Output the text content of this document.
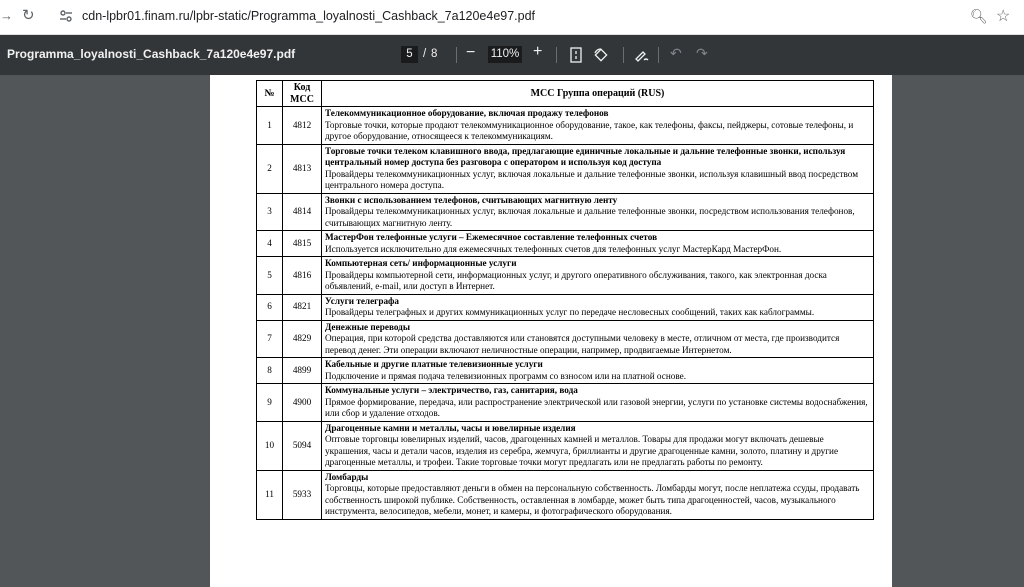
→ ↻	cdn-lpbr01.finam.ru/lpbr-static/Programma_loyalnosti_Cashback_7a120e4e97.pdf	🔍︎ ☆
Programma_loyalnosti_Cashback_7a120e4e97.pdf	5 / 8 − 110% +	↶ ↷
№	Код МСС	МСС Группа операций (RUS)
1	4812	Телекоммуникационное оборудование, включая продажу телефонов
Торговые точки, которые продают телекоммуникационное оборудование, такое, как телефоны, факсы, пейджеры, сотовые телефоны, и другое оборудование, относящееся к телекоммуникациям.

2	4813	Торговые точки телеком клавишного ввода, предлагающие единичные локальные и дальние телефонные звонки, используя центральный номер доступа без разговора с оператором и используя код доступа
Провайдеры телекоммуникационных услуг, включая локальные и дальние телефонные звонки, используя клавишный ввод посредством центрального номера доступа.

3	4814	Звонки с использованием телефонов, считывающих магнитную ленту
Провайдеры телекоммуникационных услуг, включая локальные и дальние телефонные звонки, посредством использования телефонов, считывающих магнитную ленту.

4	4815	МастерФон телефонные услуги – Ежемесячное составление телефонных счетов
Используется исключительно для ежемесячных телефонных счетов для телефонных услуг МастерКард МастерФон.

5	4816	Компьютерная сеть/ информационные услуги
Провайдеры компьютерной сети, информационных услуг, и другого оперативного обслуживания, такого, как электронная доска объявлений, e-mail, или доступ в Интернет.

6	4821	Услуги телеграфа
Провайдеры телеграфных и других коммуникационных услуг по передаче несловесных сообщений, таких как каблограммы.

7	4829	Денежные переводы
Операция, при которой средства доставляются или становятся доступными человеку в месте, отличном от места, где производится перевод денег. Эти операции включают неличностные операции, например, продвигаемые Интернетом.

8	4899	Кабельные и другие платные телевизионные услуги
Подключение и прямая подача телевизионных программ со взносом или на платной основе.

9	4900	Коммунальные услуги – электричество, газ, санитария, вода
Прямое формирование, передача, или распространение электрической или газовой энергии, услуги по установке системы водоснабжения, или сбор и удаление отходов.

10	5094	Драгоценные камни и металлы, часы и ювелирные изделия
Оптовые торговцы ювелирных изделий, часов, драгоценных камней и металлов. Товары для продажи могут включать дешевые украшения, часы и детали часов, изделия из серебра, жемчуга, бриллианты и другие драгоценные камни, золото, платину и другие драгоценные металлы, и трофеи. Такие торговые точки могут предлагать или не предлагать работы по ремонту.

11	5933	Ломбарды
Торговцы, которые предоставляют деньги в обмен на персональную собственность. Ломбарды могут, после неплатежа ссуды, продавать собственность широкой публике. Собственность, оставленная в ломбарде, может быть типа драгоценностей, часов, музыкального инструмента, велосипедов, мебели, монет, и камеры, и фотографического оборудования.
